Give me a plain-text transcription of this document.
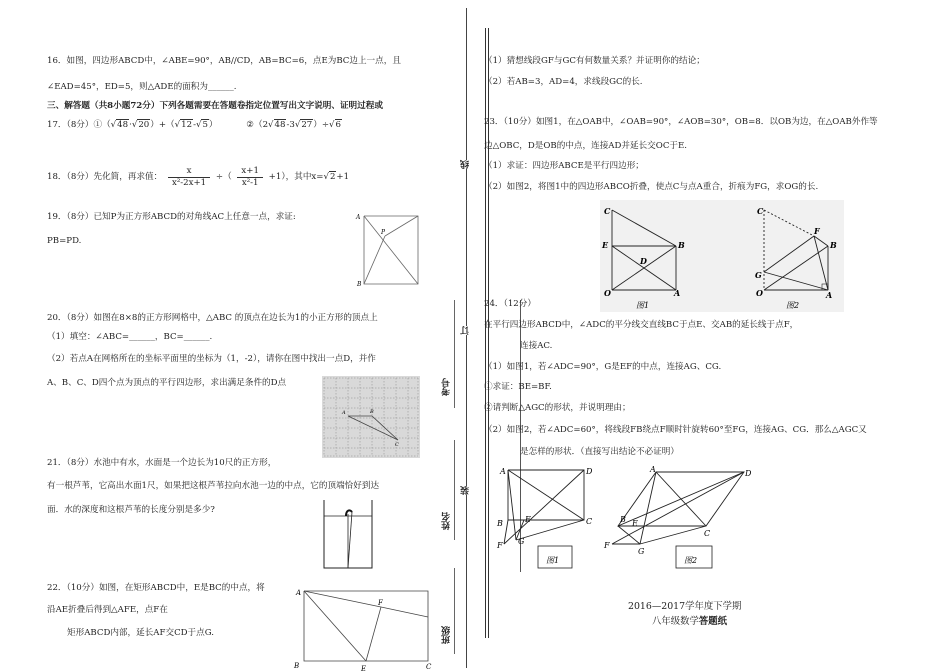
16．如图，四边形ABCD中，∠ABE=90°，AB//CD，AB=BC=6，点E为BC边上一点，且
∠EAD=45°，ED=5，则△ADE的面积为______.
三、解答题（共8小题72分）下列各题需要在答题卷指定位置写出文字说明、证明过程或
17．（8分）①（√48·√20）+（√12-√5）	②（2√48-3√27）÷√6
18．（8分）先化简，再求值： $\frac{x}{\text{x²-2x+1}}$ ÷（ $\frac{x+1}{\text{x²-1}} +1$），其中x=√2+1
19．（8分）已知P为正方形ABCD的对角线AC上任意一点，求证:
PB=PD.
A
P
B
20．（8分）如图在8×8的正方形网格中，△ABC 的顶点在边长为1的小正方形的顶点上
（1）填空：∠ABC=______，BC=______.
（2）若点A在网格所在的坐标平面里的坐标为（1，-2），请你在图中找出一点D，并作
A、B、C、D四个点为顶点的平行四边形，求出满足条件的D点
A	B
C
21．（8分）水池中有水，水面是一个边长为10尺的正方形，
有一根芦苇，它高出水面1尺，如果把这根芦苇拉向水池一边的中点，它的顶端恰好到达
面．水的深度和这根芦苇的长度分别是多少?
22．（10分）如图，在矩形ABCD中，E是BC的中点，将
沿AE折叠后得到△AFE，点F在
矩形ABCD内部，延长AF交CD于点G.
A
F
B	E	C
线
订
装
考号
姓名
班级
（1）猜想线段GF与GC有何数量关系？并证明你的结论；
（2）若AB=3，AD=4，求线段GC的长.
23．（10分）如图1，在△OAB中，∠OAB=90°，∠AOB=30°，OB=8．以OB为边，在△OAB外作等
边△OBC，D是OB的中点，连接AD并延长交OC于E.
（1）求证：四边形ABCE是平行四边形；
（2）如图2，将图1中的四边形ABCO折叠，使点C与点A重合，折痕为FG，求OG的长.
C
E	B
D
O	A
图1
C
F
B
G
O	A
图2
24．（12分）
在平行四边形ABCD中，∠ADC的平分线交直线BC于点E、交AB的延长线于点F，
连接AC.
（1）如图1，若∠ADC=90°，G是EF的中点，连接AG、CG.
①求证：BE=BF.
②请判断△AGC的形状，并说明理由；
（2）如图2，若∠ADC=60°，将线段FB绕点F顺时针旋转60°至FG，连接AG、CG．那么△AGC又
是怎样的形状．（直接写出结论不必证明）
A	D
B	E	C
G
F
图1
A	D
B E
C
G
F
图2
2016—2017学年度下学期
八年级数学答题纸
